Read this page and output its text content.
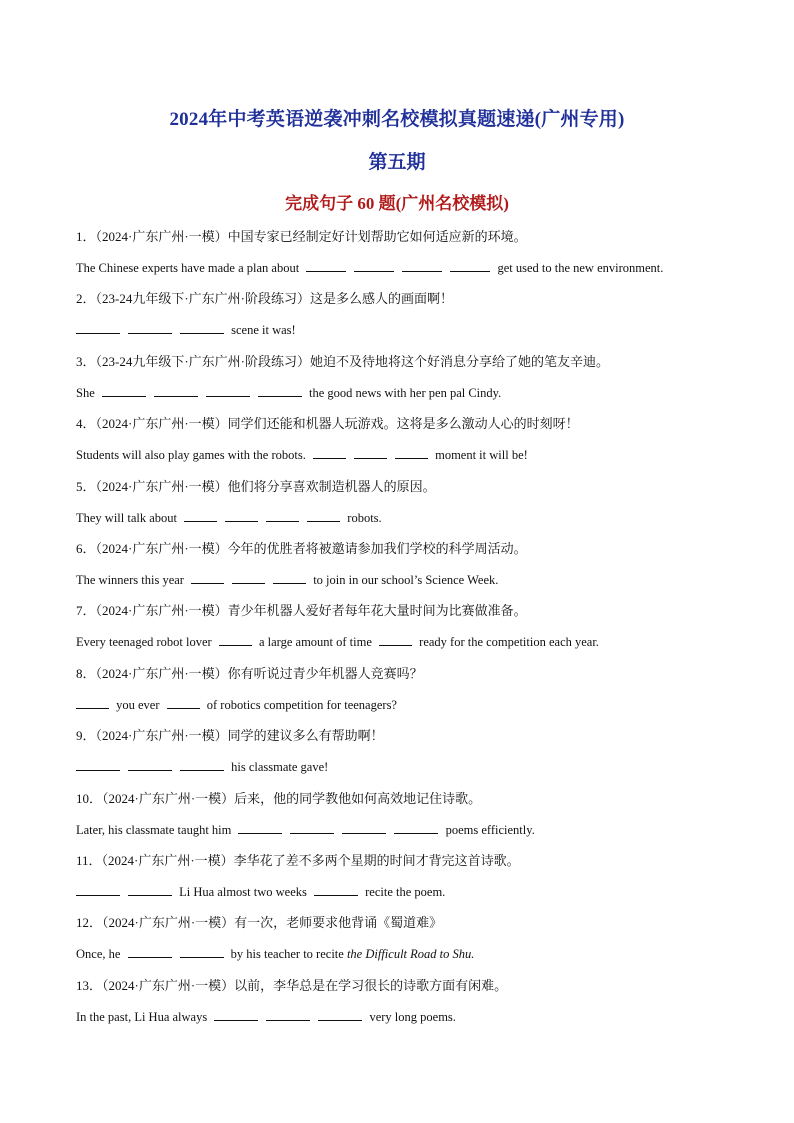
2024年中考英语逆袭冲刺名校模拟真题速递(广州专用)
第五期
完成句子 60 题(广州名校模拟)
1．（2024·广东广州·一模）中国专家已经制定好计划帮助它如何适应新的环境。
The Chinese experts have made a plan about	get used to the new environment.
2．（23-24九年级下·广东广州·阶段练习）这是多么感人的画面啊！
scene it was!
3．（23-24九年级下·广东广州·阶段练习）她迫不及待地将这个好消息分享给了她的笔友辛迪。
She	the good news with her pen pal Cindy.
4．（2024·广东广州·一模）同学们还能和机器人玩游戏。这将是多么激动人心的时刻呀！
Students will also play games with the robots.	moment it will be!
5．（2024·广东广州·一模）他们将分享喜欢制造机器人的原因。
They will talk about	robots.
6．（2024·广东广州·一模）今年的优胜者将被邀请参加我们学校的科学周活动。
The winners this year	to join in our school’s Science Week.
7．（2024·广东广州·一模）青少年机器人爱好者每年花大量时间为比赛做准备。
Every teenaged robot lover	a large amount of time	ready for the competition each year.
8．（2024·广东广州·一模）你有听说过青少年机器人竞赛吗？
you ever	of robotics competition for teenagers?
9．（2024·广东广州·一模）同学的建议多么有帮助啊！
his classmate gave!
10．（2024·广东广州·一模）后来，他的同学教他如何高效地记住诗歌。
Later, his classmate taught him	poems efficiently.
11．（2024·广东广州·一模）李华花了差不多两个星期的时间才背完这首诗歌。
Li Hua almost two weeks	recite the poem.
12．（2024·广东广州·一模）有一次，老师要求他背诵《蜀道难》
Once, he	by his teacher to recite the Difficult Road to Shu.
13．（2024·广东广州·一模）以前，李华总是在学习很长的诗歌方面有闲难。
In the past, Li Hua always	very long poems.
